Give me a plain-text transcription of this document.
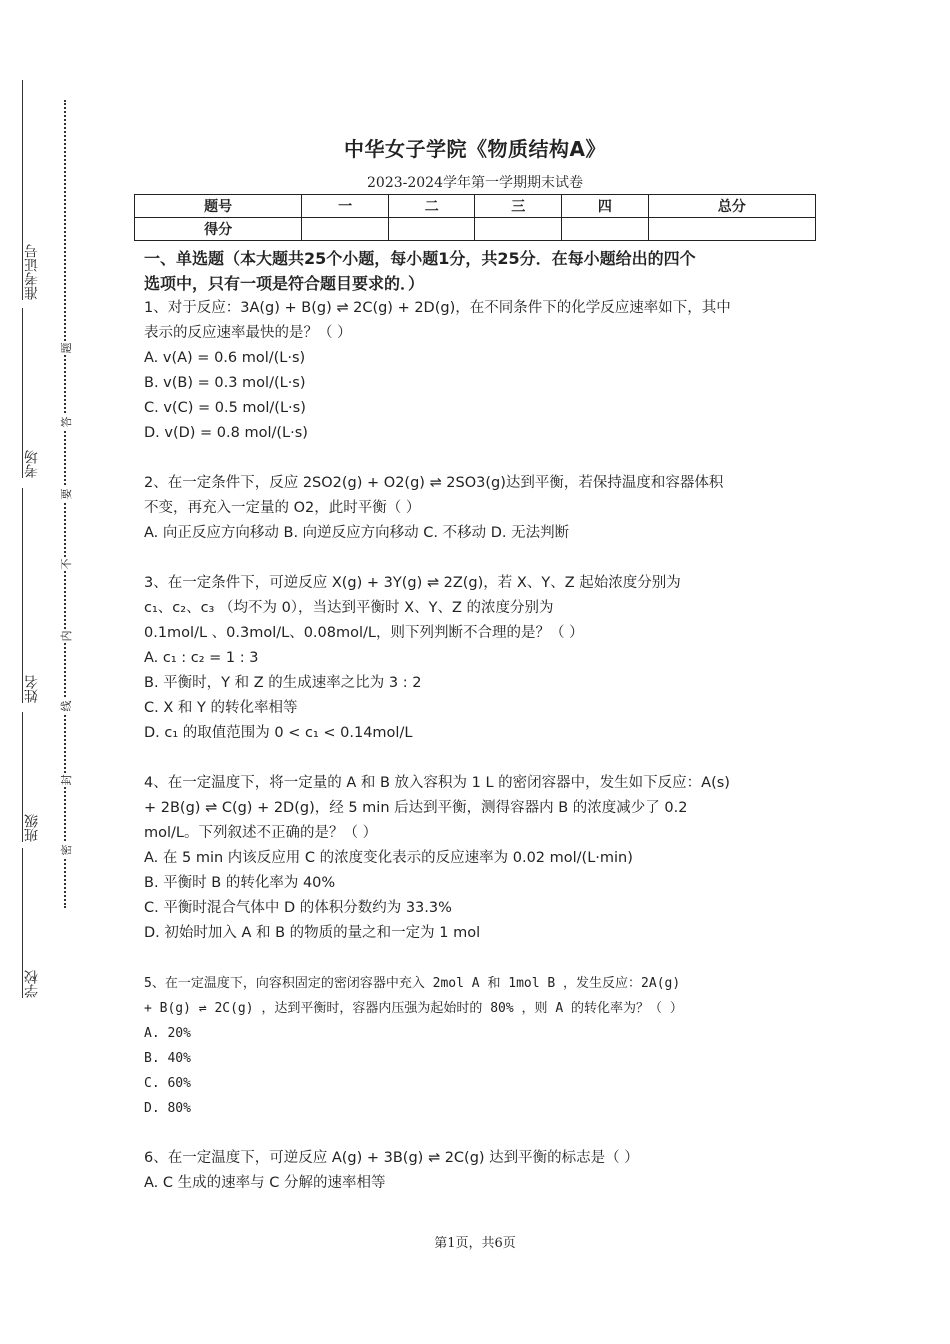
准考证号
考场
姓名
班级
学校
题
答
要
不
内
线
封
密
中华女子学院《物质结构A》
2023-2024学年第一学期期末试卷
题号	一	二	三	四	总分
得分					
一、单选题（本大题共25个小题，每小题1分，共25分．在每小题给出的四个
选项中，只有一项是符合题目要求的．）
1、对于反应：3A(g) + B(g) ⇌ 2C(g) + 2D(g)，在不同条件下的化学反应速率如下，其中
表示的反应速率最快的是？（ ）
A. v(A) = 0.6 mol/(L·s)
B. v(B) = 0.3 mol/(L·s)
C. v(C) = 0.5 mol/(L·s)
D. v(D) = 0.8 mol/(L·s)
2、在一定条件下，反应 2SO2(g) + O2(g) ⇌ 2SO3(g)达到平衡，若保持温度和容器体积
不变，再充入一定量的 O2，此时平衡（ ）
A. 向正反应方向移动 B. 向逆反应方向移动 C. 不移动 D. 无法判断
3、在一定条件下，可逆反应 X(g) + 3Y(g) ⇌ 2Z(g)，若 X、Y、Z 起始浓度分别为
c₁、c₂、c₃ （均不为 0），当达到平衡时 X、Y、Z 的浓度分别为
0.1mol/L 、0.3mol/L、0.08mol/L，则下列判断不合理的是？（ ）
A. c₁ : c₂ = 1 : 3
B. 平衡时，Y 和 Z 的生成速率之比为 3 : 2
C. X 和 Y 的转化率相等
D. c₁ 的取值范围为 0 < c₁ < 0.14mol/L
4、在一定温度下，将一定量的 A 和 B 放入容积为 1 L 的密闭容器中，发生如下反应：A(s)
+ 2B(g) ⇌ C(g) + 2D(g)，经 5 min 后达到平衡，测得容器内 B 的浓度减少了 0.2
mol/L。下列叙述不正确的是？（ ）
A. 在 5 min 内该反应用 C 的浓度变化表示的反应速率为 0.02 mol/(L·min)
B. 平衡时 B 的转化率为 40%
C. 平衡时混合气体中 D 的体积分数约为 33.3%
D. 初始时加入 A 和 B 的物质的量之和一定为 1 mol
5、在一定温度下，向容积固定的密闭容器中充入 2mol A 和 1mol B ，发生反应：2A(g)
+ B(g) ⇌ 2C(g) ，达到平衡时，容器内压强为起始时的 80% ，则 A 的转化率为？（ ）
A. 20%
B. 40%
C. 60%
D. 80%
6、在一定温度下，可逆反应 A(g) + 3B(g) ⇌ 2C(g) 达到平衡的标志是（ ）
A. C 生成的速率与 C 分解的速率相等
第1页，共6页
